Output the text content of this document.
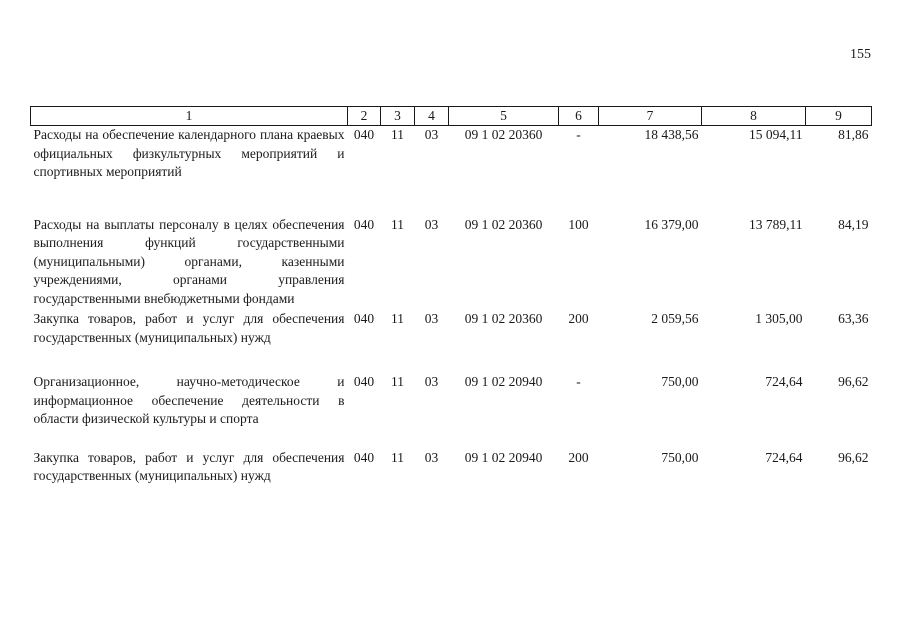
155
1	2	3	4	5	6	7	8	9
Расходы на обеспечение календарного плана краевых официальных физкультурных мероприятий и спортивных мероприятий	040	11	03	09 1 02 20360	-	18 438,56	15 094,11	81,86
Расходы на выплаты персоналу в целях обеспечения выполнения функций государственными (муниципальными) органами, казенными учреждениями, органами управления государственными внебюджетными фондами	040	11	03	09 1 02 20360	100	16 379,00	13 789,11	84,19
Закупка товаров, работ и услуг для обеспечения государственных (муниципальных) нужд	040	11	03	09 1 02 20360	200	2 059,56	1 305,00	63,36
Организационное, научно-методическое и информационное обеспечение деятельности в области физической культуры и спорта	040	11	03	09 1 02 20940	-	750,00	724,64	96,62
Закупка товаров, работ и услуг для обеспечения государственных (муниципальных) нужд	040	11	03	09 1 02 20940	200	750,00	724,64	96,62
